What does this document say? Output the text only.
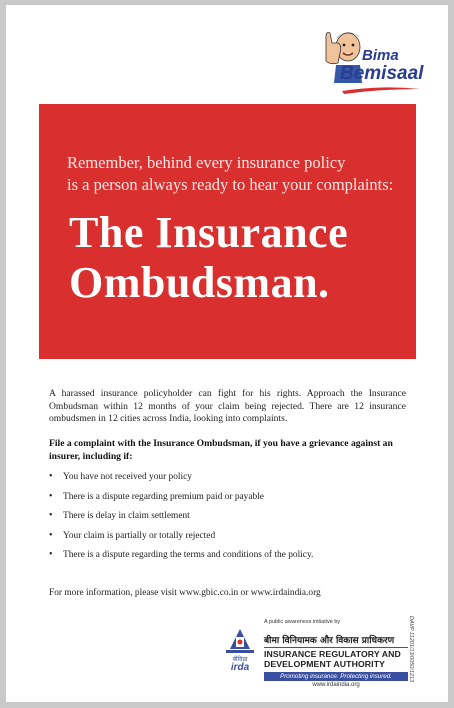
Bima
Bemisaal
Remember, behind every insurance policy
is a person always ready to hear your complaints:
The Insurance
Ombudsman.
A harassed insurance policyholder can fight for his rights. Approach the Insurance Ombudsman within 12 months of your claim being rejected. There are 12 insurance ombudsmen in 12 cities across India, looking into complaints.
File a complaint with the Insurance Ombudsman, if you have a grievance against an insurer, including if:
• You have not received your policy
• There is a dispute regarding premium paid or payable
• There is delay in claim settlement
• Your claim is partially or totally rejected
• There is a dispute regarding the terms and conditions of the policy.
For more information, please visit www.gbic.co.in or www.irdaindia.org
DAVP 11201/13/0050/1213
A public awareness initiative by
बीविप्रा
irda
बीमा विनियामक और विकास प्राधिकरण
INSURANCE REGULATORY AND
DEVELOPMENT AUTHORITY
Promoting insurance. Protecting insured.
www.irdaindia.org
